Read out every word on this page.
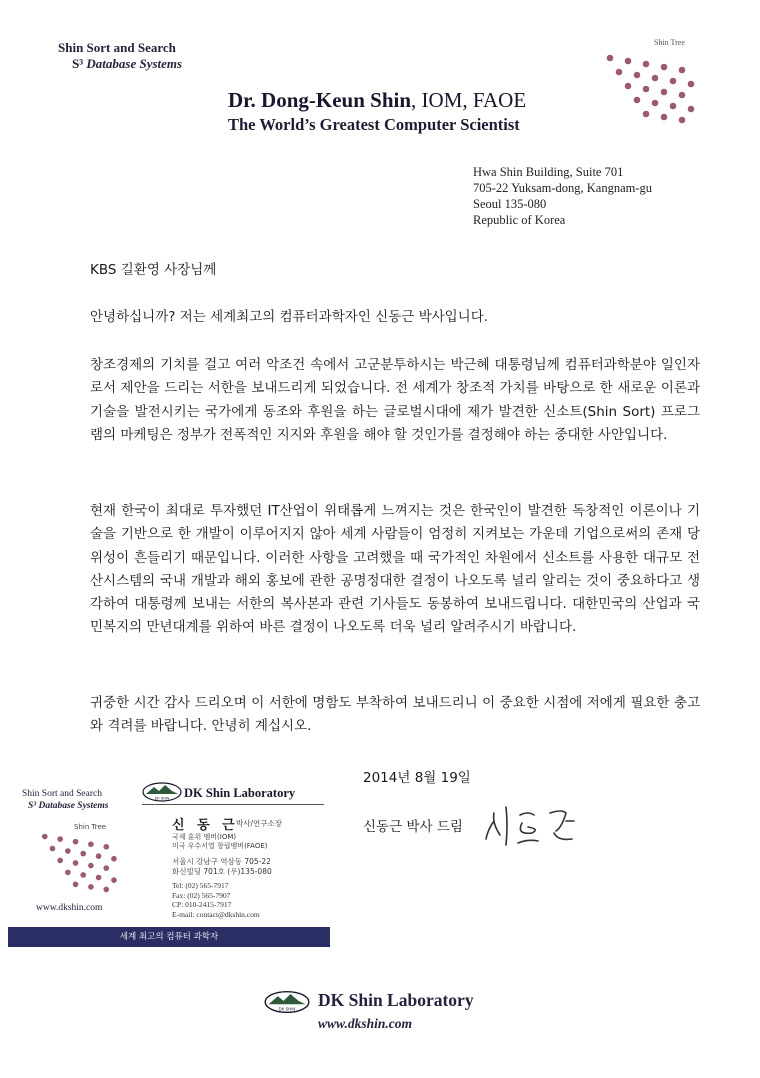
Shin Sort and Search
S³ Database Systems
Shin Tree
Dr. Dong-Keun Shin, IOM, FAOE
The World’s Greatest Computer Scientist
Hwa Shin Building, Suite 701
705-22 Yuksam-dong, Kangnam-gu
Seoul 135-080
Republic of Korea
KBS 길환영 사장님께
안녕하십니까? 저는 세계최고의 컴퓨터과학자인 신동근 박사입니다.
창조경제의 기치를 걸고 여러 악조건 속에서 고군분투하시는 박근혜 대통령님께 컴퓨터과학분야 일인자로서 제안을 드리는 서한을 보내드리게 되었습니다. 전 세계가 창조적 가치를 바탕으로 한 새로운 이론과 기술을 발전시키는 국가에게 동조와 후원을 하는 글로벌시대에 제가 발견한 신소트(Shin Sort) 프로그램의 마케팅은 정부가 전폭적인 지지와 후원을 해야 할 것인가를 결정해야 하는 중대한 사안입니다.
현재 한국이 최대로 투자했던 IT산업이 위태롭게 느껴지는 것은 한국인이 발견한 독창적인 이론이나 기술을 기반으로 한 개발이 이루어지지 않아 세계 사람들이 엄정히 지켜보는 가운데 기업으로써의 존재 당위성이 흔들리기 때문입니다. 이러한 사항을 고려했을 때 국가적인 차원에서 신소트를 사용한 대규모 전산시스템의 국내 개발과 해외 홍보에 관한 공명정대한 결정이 나오도록 널리 알리는 것이 중요하다고 생각하여 대통령께 보내는 서한의 복사본과 관련 기사들도 동봉하여 보내드립니다. 대한민국의 산업과 국민복지의 만년대계를 위하여 바른 결정이 나오도록 더욱 널리 알려주시기 바랍니다.
귀중한 시간 감사 드리오며 이 서한에 명함도 부착하여 보내드리니 이 중요한 시점에 저에게 필요한 충고와 격려를 바랍니다. 안녕히 계십시오.
2014년 8월 19일
신동근 박사 드림
Shin Sort and Search
S³ Database Systems
Shin Tree
www.dkshin.com
DK SHIN DK Shin Laboratory
신 동 근
박사/연구소장
국제 훈위 멤버(IOM)
미국 우수서열 창립멤버(FAOE)
서울시 강남구 역삼동 705-22
화신빌딩 701호 (우)135-080
Tel: (02) 565-7917
Fax: (02) 565-7907
CP: 010-2415-7917
E-mail: contact@dkshin.com
세계 최고의 컴퓨터 과학자
DK SHIN DK Shin Laboratory
www.dkshin.com
